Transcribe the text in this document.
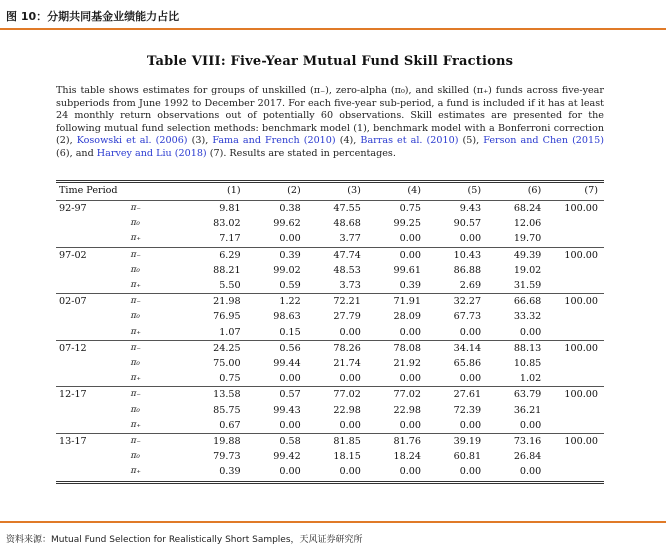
图 10：分期共同基金业绩能力占比
Table VIII: Five-Year Mutual Fund Skill Fractions
This table shows estimates for groups of unskilled (π₋), zero-alpha (π₀), and skilled (π₊) funds across five-year subperiods from June 1992 to December 2017. For each five-year sub-period, a fund is included if it has at least 24 monthly return observations out of potentially 60 observations. Skill estimates are presented for the following mutual fund selection methods: benchmark model (1), benchmark model with a Bonferroni correction (2), Kosowski et al. (2006) (3), Fama and French (2010) (4), Barras et al. (2010) (5), Ferson and Chen (2015) (6), and Harvey and Liu (2018) (7). Results are stated in percentages.
Time Period		(1)	(2)	(3)	(4)	(5)	(6)	(7)
92-97	π₋	9.81	0.38	47.55	0.75	9.43	68.24	100.00
	π₀	83.02	99.62	48.68	99.25	90.57	12.06	
	π₊	7.17	0.00	3.77	0.00	0.00	19.70	
97-02	π₋	6.29	0.39	47.74	0.00	10.43	49.39	100.00
	π₀	88.21	99.02	48.53	99.61	86.88	19.02	
	π₊	5.50	0.59	3.73	0.39	2.69	31.59	
02-07	π₋	21.98	1.22	72.21	71.91	32.27	66.68	100.00
	π₀	76.95	98.63	27.79	28.09	67.73	33.32	
	π₊	1.07	0.15	0.00	0.00	0.00	0.00	
07-12	π₋	24.25	0.56	78.26	78.08	34.14	88.13	100.00
	π₀	75.00	99.44	21.74	21.92	65.86	10.85	
	π₊	0.75	0.00	0.00	0.00	0.00	1.02	
12-17	π₋	13.58	0.57	77.02	77.02	27.61	63.79	100.00
	π₀	85.75	99.43	22.98	22.98	72.39	36.21	
	π₊	0.67	0.00	0.00	0.00	0.00	0.00	
13-17	π₋	19.88	0.58	81.85	81.76	39.19	73.16	100.00
	π₀	79.73	99.42	18.15	18.24	60.81	26.84	
	π₊	0.39	0.00	0.00	0.00	0.00	0.00	
资料来源：Mutual Fund Selection for Realistically Short Samples，天风证券研究所
